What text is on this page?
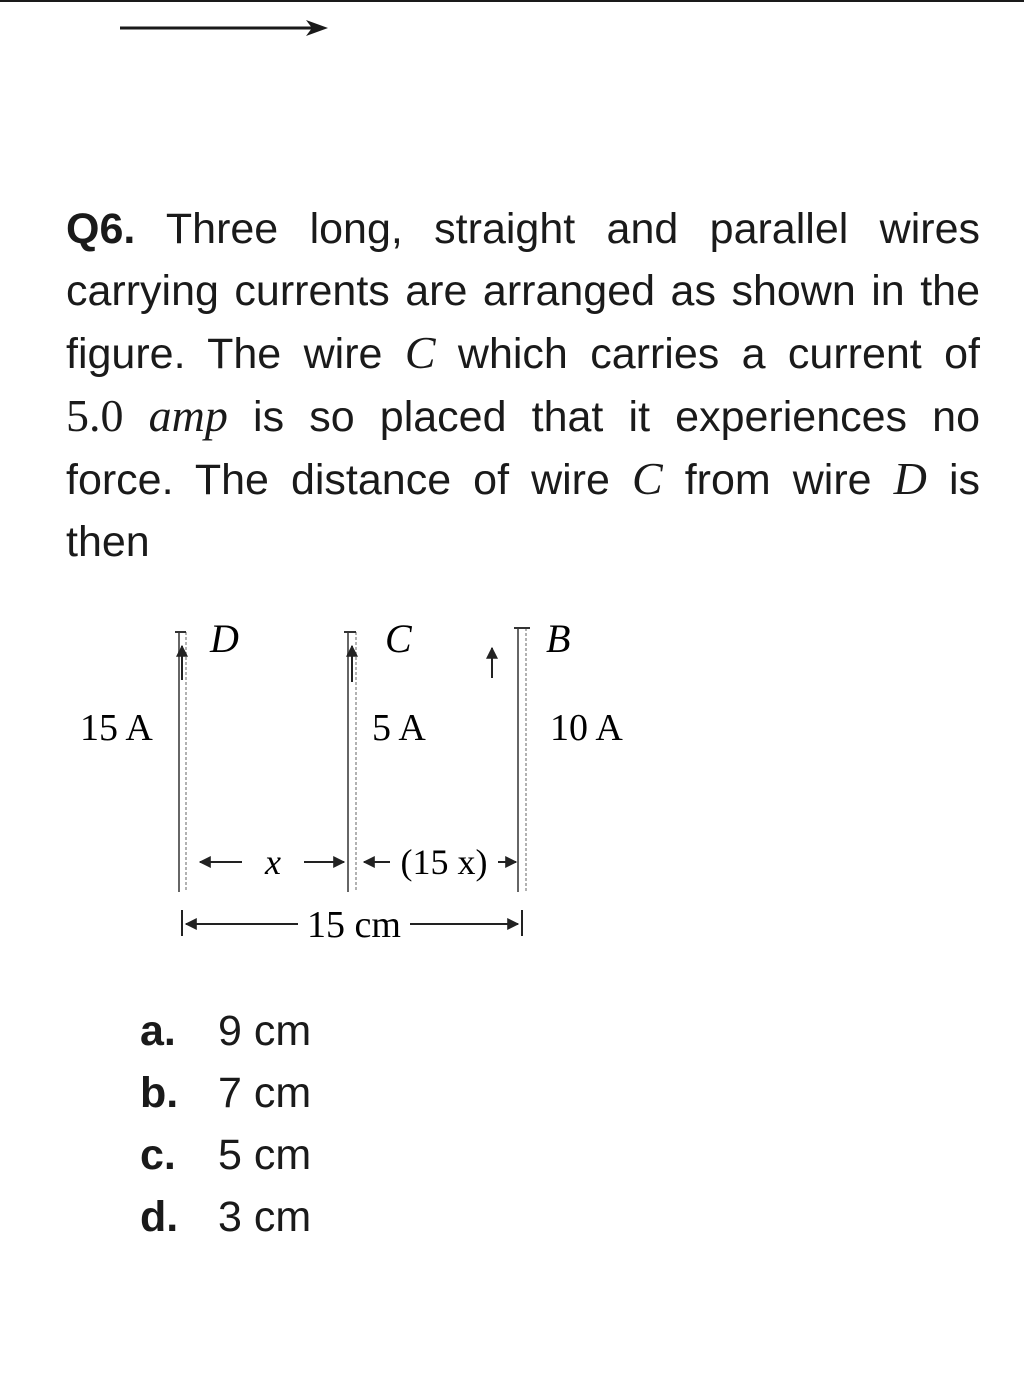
Q6. Three long, straight and parallel wires carrying currents are arranged as shown in the figure. The wire C which carries a current of 5.0 amp is so placed that it experiences no force. The distance of wire C from wire D is then
D	C	B
15 A	5 A	10 A
x	(15 x)
15 cm
a. 9 cm
b. 7 cm
c. 5 cm
d. 3 cm
